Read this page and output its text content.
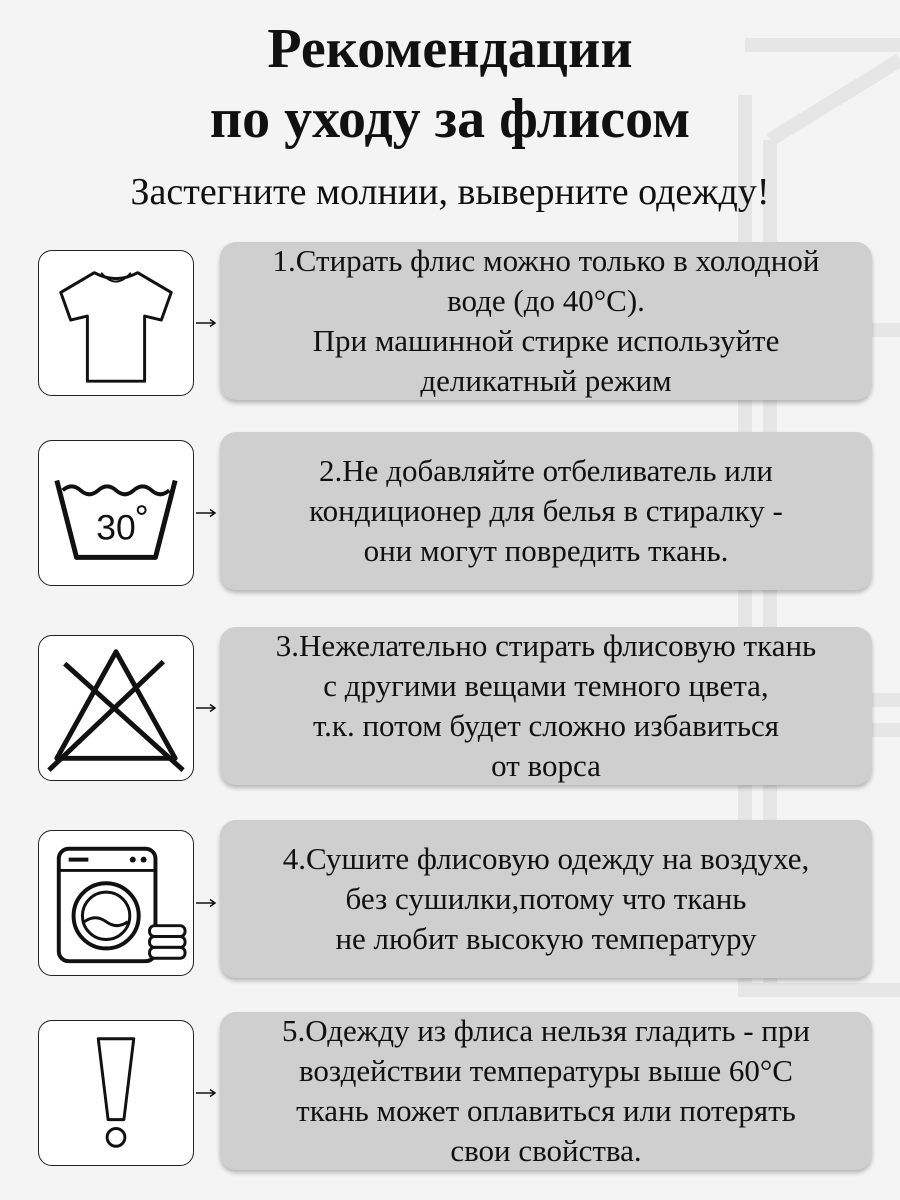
Рекомендации
по уходу за флисом
Застегните молнии, выверните одежду!
1.Стирать флис можно только в холодной
воде (до 40°С).
При машинной стирке используйте
деликатный режим
30
2.Не добавляйте отбеливатель или
кондиционер для белья в стиралку -
они могут повредить ткань.
3.Нежелательно стирать флисовую ткань
с другими вещами темного цвета,
т.к. потом будет сложно избавиться
от ворса
4.Сушите флисовую одежду на воздухе,
без сушилки,потому что ткань
не любит высокую температуру
5.Одежду из флиса нельзя гладить - при
воздействии температуры выше 60°С
ткань может оплавиться или потерять
свои свойства.
